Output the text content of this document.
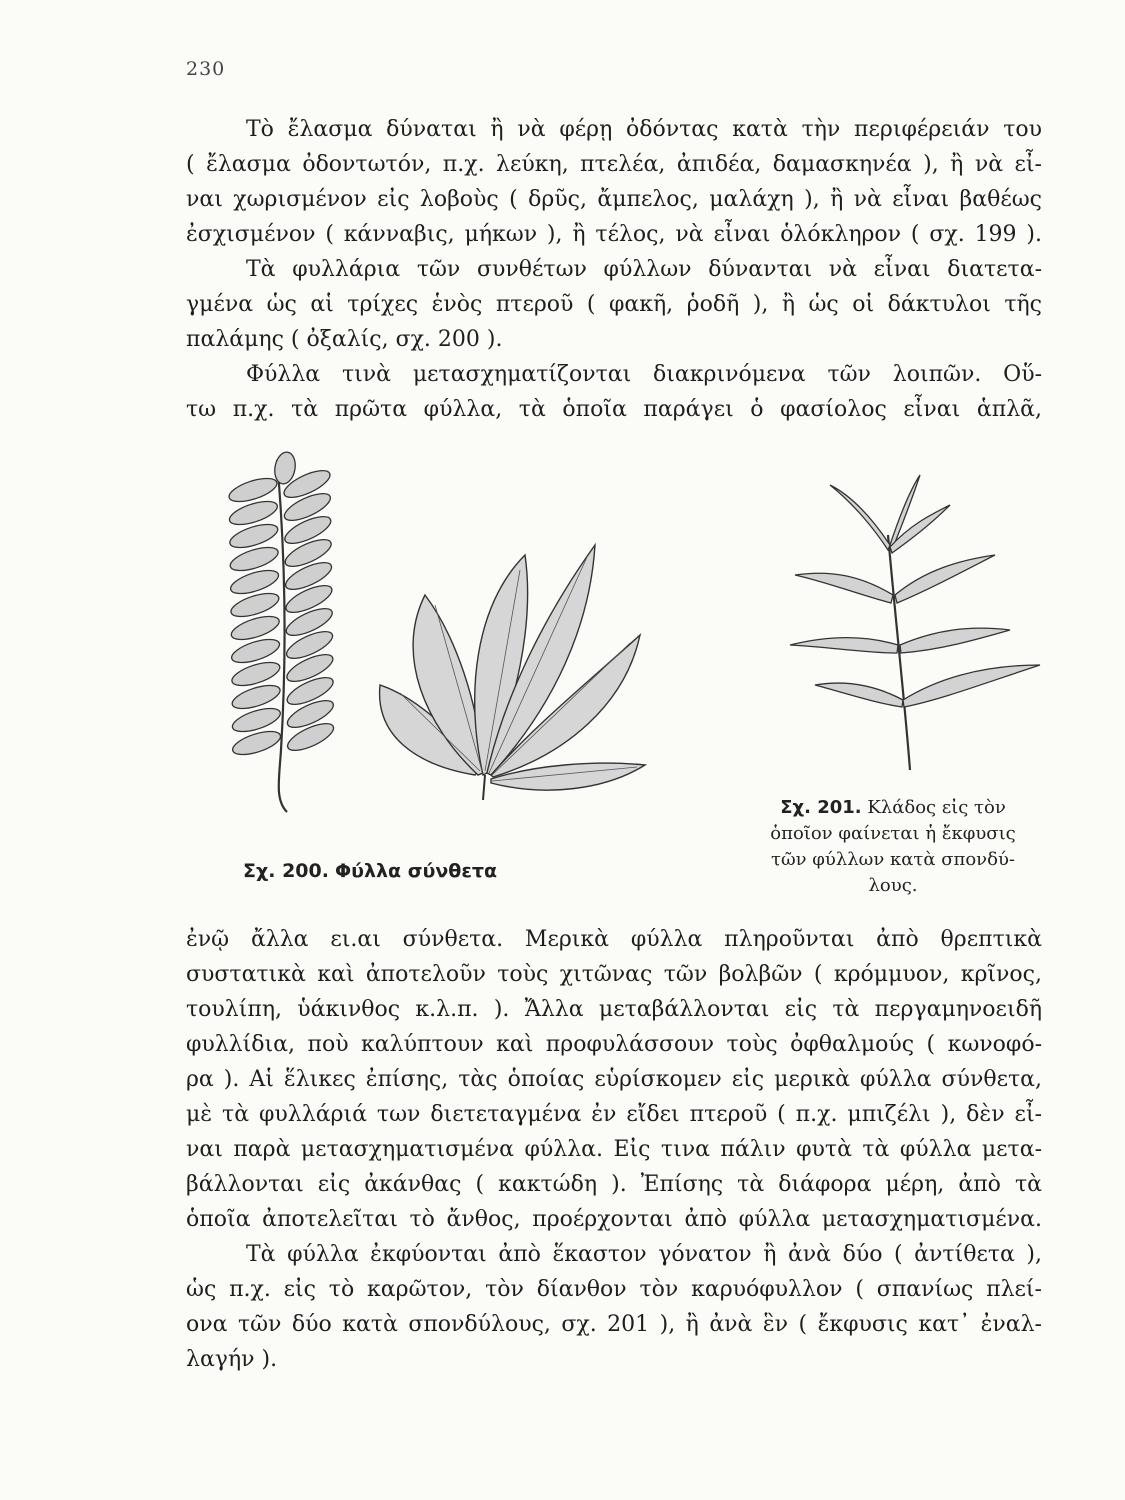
230
Τὸ ἔλασμα δύναται ἢ νὰ φέρῃ ὀδόντας κατὰ τὴν περιφέρειάν του
( ἔλασμα ὀδοντωτόν, π.χ. λεύκη, πτελέα, ἀπιδέα, δαμασκηνέα ), ἢ νὰ εἶ-
ναι χωρισμένον εἰς λοβοὺς ( δρῦς, ἄμπελος, μαλάχη ), ἢ νὰ εἶναι βαθέως
ἐσχισμένον ( κάνναβις, μήκων ), ἢ τέλος, νὰ εἶναι ὁλόκληρον ( σχ. 199 ).
Τὰ φυλλάρια τῶν συνθέτων φύλλων δύνανται νὰ εἶναι διατετα-
γμένα ὡς αἱ τρίχες ἑνὸς πτεροῦ ( φακῆ, ῥοδῆ ), ἢ ὡς οἱ δάκτυλοι τῆς
παλάμης ( ὀξαλίς, σχ. 200 ).
Φύλλα τινὰ μετασχηματίζονται διακρινόμενα τῶν λοιπῶν. Οὕ-
τω π.χ. τὰ πρῶτα φύλλα, τὰ ὁποῖα παράγει ὁ φασίολος εἶναι ἁπλᾶ,
Σχ. 200. Φύλλα σύνθετα
Σχ. 201. Κλάδος εἰς τὸν
ὁποῖον φαίνεται ἡ ἔκφυσις
τῶν φύλλων κατὰ σπονδύ-
λους.
ἐνῷ ἄλλα ει.αι σύνθετα. Μερικὰ φύλλα πληροῦνται ἀπὸ θρεπτικὰ
συστατικὰ καὶ ἀποτελοῦν τοὺς χιτῶνας τῶν βολβῶν ( κρόμμυον, κρῖνος,
τουλίπη, ὑάκινθος κ.λ.π. ). Ἄλλα μεταβάλλονται εἰς τὰ περγαμηνοειδῆ
φυλλίδια, ποὺ καλύπτουν καὶ προφυλάσσουν τοὺς ὀφθαλμούς ( κωνοφό-
ρα ). Αἱ ἕλικες ἐπίσης, τὰς ὁποίας εὑρίσκομεν εἰς μερικὰ φύλλα σύνθετα,
μὲ τὰ φυλλάριά των διετεταγμένα ἐν εἴδει πτεροῦ ( π.χ. μπιζέλι ), δὲν εἶ-
ναι παρὰ μετασχηματισμένα φύλλα. Εἰς τινα πάλιν φυτὰ τὰ φύλλα μετα-
βάλλονται εἰς ἀκάνθας ( κακτώδη ). Ἐπίσης τὰ διάφορα μέρη, ἀπὸ τὰ
ὁποῖα ἀποτελεῖται τὸ ἄνθος, προέρχονται ἀπὸ φύλλα μετασχηματισμένα.
Τὰ φύλλα ἐκφύονται ἀπὸ ἕκαστον γόνατον ἢ ἀνὰ δύο ( ἀντίθετα ),
ὡς π.χ. εἰς τὸ καρῶτον, τὸν δίανθον τὸν καρυόφυλλον ( σπανίως πλεί-
ονα τῶν δύο κατὰ σπονδύλους, σχ. 201 ), ἢ ἀνὰ ἓν ( ἔκφυσις κατ᾽ ἐναλ-
λαγήν ).
